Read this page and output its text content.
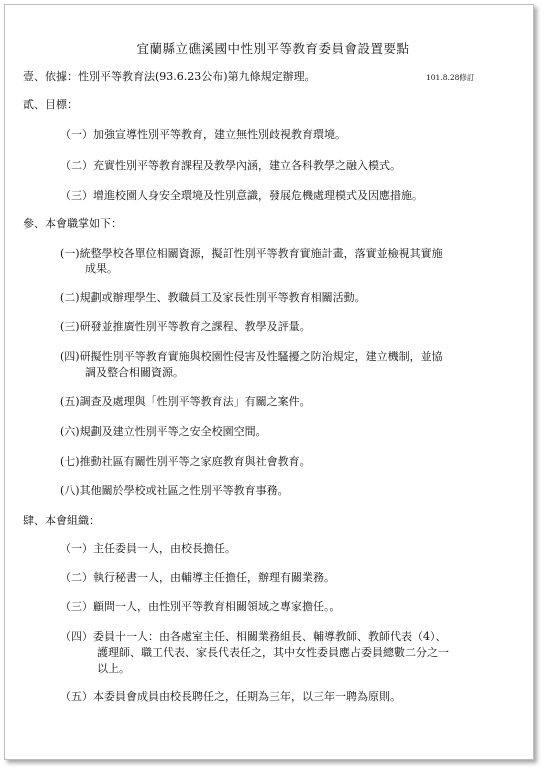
宜蘭縣立礁溪國中性別平等教育委員會設置要點
壹、依據：性別平等教育法(93.6.23公布)第九條規定辦理。	101.8.28修訂
貳、目標：
（一）加強宣導性別平等教育，建立無性別歧視教育環境。
（二）充實性別平等教育課程及教學內涵，建立各科教學之融入模式。
（三）增進校園人身安全環境及性別意識，發展危機處理模式及因應措施。
參、本會職掌如下：
(一)統整學校各單位相關資源，擬訂性別平等教育實施計畫，落實並檢視其實施
成果。
(二)規劃或辦理學生、教職員工及家長性別平等教育相關活動。
(三)研發並推廣性別平等教育之課程、教學及評量。
(四)研擬性別平等教育實施與校園性侵害及性騷擾之防治規定，建立機制，並協
調及整合相關資源。
(五)調查及處理與「性別平等教育法」有關之案件。
(六)規劃及建立性別平等之安全校園空間。
(七)推動社區有關性別平等之家庭教育與社會教育。
(八)其他關於學校或社區之性別平等教育事務。
肆、本會組織：
（一）主任委員一人，由校長擔任。
（二）執行秘書一人，由輔導主任擔任，辦理有關業務。
（三）顧問一人，由性別平等教育相關領域之專家擔任。。
（四）委員十一人：由各處室主任、相關業務組長、輔導教師、教師代表（4）、
護理師、職工代表、家長代表任之，其中女性委員應占委員總數二分之一
以上。
（五）本委員會成員由校長聘任之，任期為三年，以三年一聘為原則。
